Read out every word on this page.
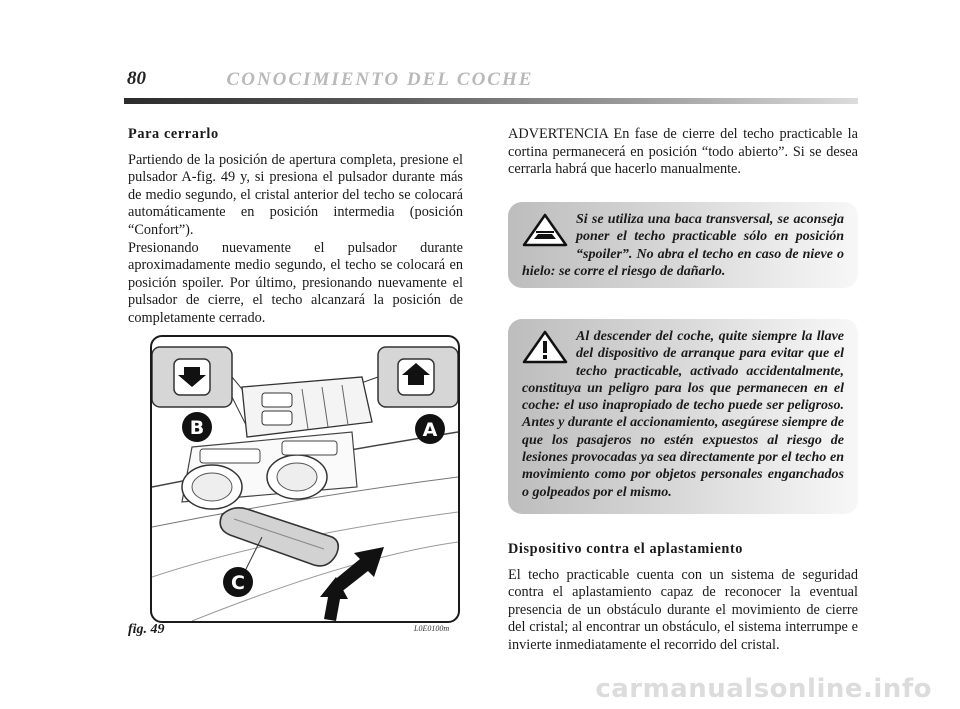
80	CONOCIMIENTO DEL COCHE

Para cerrarlo

Partiendo de la posición de apertura completa, presione el pulsador A-fig. 49 y, si presiona el pulsador durante más de medio segundo, el cristal anterior del techo se colocará automáticamente en posición intermedia (posición “Confort”).

Presionando nuevamente el pulsador durante aproximadamente medio segundo, el techo se colocará en posición spoiler. Por último, presionando nuevamente el pulsador de cierre, el techo alcanzará la posición de completamente cerrado.

B	A
C
fig. 49	L0E0100m

ADVERTENCIA En fase de cierre del techo practicable la cortina permanecerá en posición “todo abierto”. Si se desea cerrarla habrá que hacerlo manualmente.

Si se utiliza una baca transversal, se aconseja poner el techo practicable sólo en posición “spoiler”. No abra el techo en caso de nieve o hielo: se corre el riesgo de dañarlo.
Al descender del coche, quite siempre la llave del dispositivo de arranque para evitar que el techo practicable, activado accidentalmente, constituya un peligro para los que permanecen en el coche: el uso inapropiado de techo puede ser peligroso. Antes y durante el accionamiento, asegúrese siempre de que los pasajeros no estén expuestos al riesgo de lesiones provocadas ya sea directamente por el techo en movimiento como por objetos personales enganchados o golpeados por el mismo.

Dispositivo contra el aplastamiento

El techo practicable cuenta con un sistema de seguridad contra el aplastamiento capaz de reconocer la eventual presencia de un obstáculo durante el movimiento de cierre del cristal; al encontrar un obstáculo, el sistema interrumpe e invierte inmediatamente el recorrido del cristal.

carmanualsonline.info
